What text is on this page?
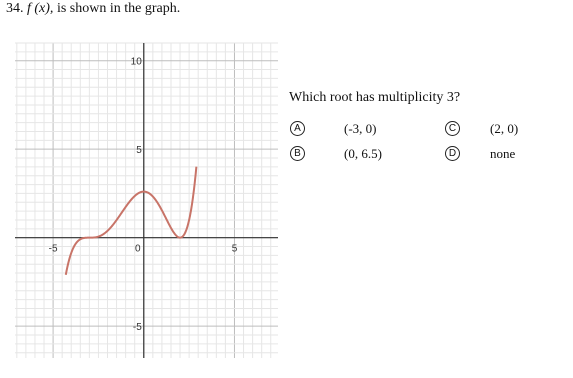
34. f (x), is shown in the graph.
-5	0	5
-5
5
10
Which root has multiplicity 3?
A	(-3, 0)
B	(0, 6.5)
C	(2, 0)
D	none
